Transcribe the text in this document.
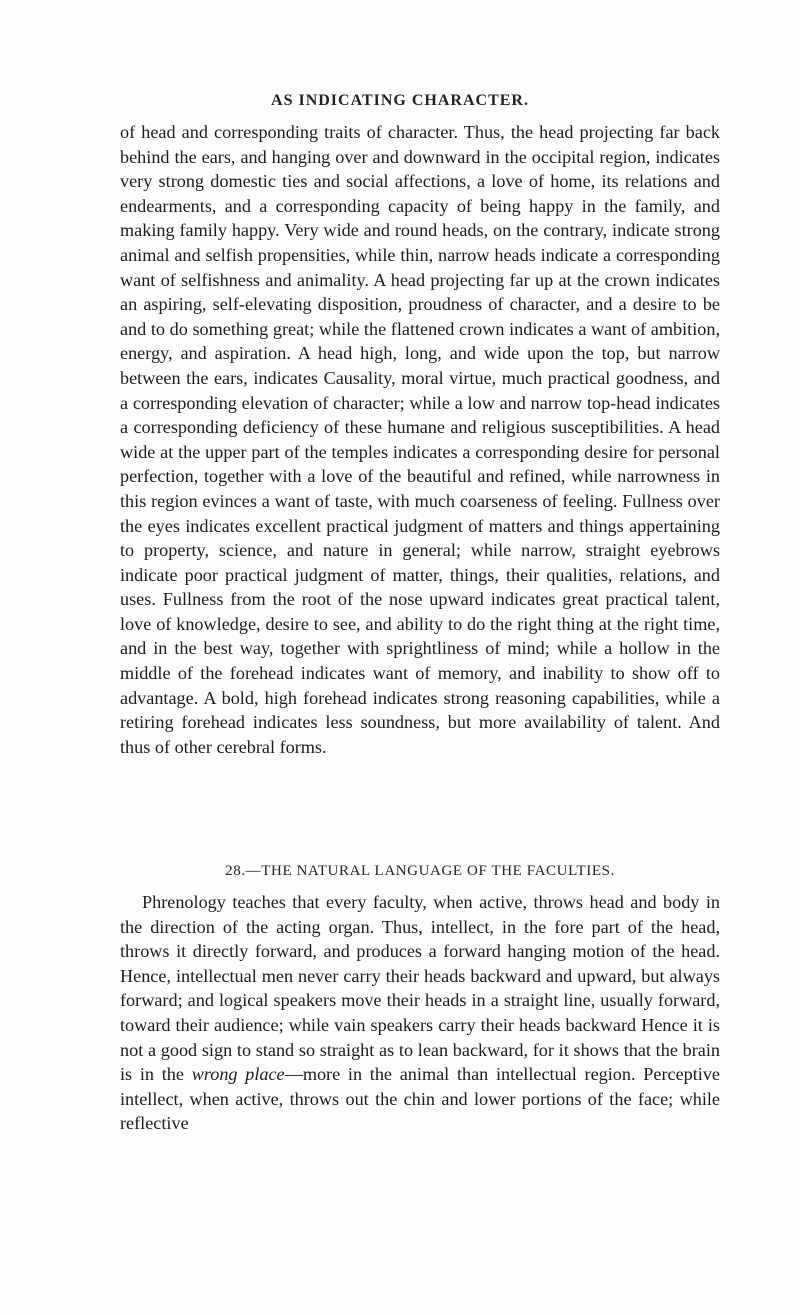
AS INDICATING CHARACTER.

of head and corresponding traits of character. Thus, the head projecting far back behind the ears, and hanging over and downward in the occipital region, indicates very strong domestic ties and social affections, a love of home, its relations and endearments, and a corresponding capacity of being happy in the family, and making family happy. Very wide and round heads, on the contrary, indicate strong animal and selfish propensities, while thin, narrow heads indicate a corresponding want of selfishness and animality. A head projecting far up at the crown indicates an aspiring, self-elevating disposition, proudness of character, and a desire to be and to do something great; while the flattened crown indicates a want of ambition, energy, and aspiration. A head high, long, and wide upon the top, but narrow between the ears, indicates Causality, moral virtue, much practical goodness, and a corresponding elevation of character; while a low and narrow top-head indicates a corresponding deficiency of these humane and religious susceptibilities. A head wide at the upper part of the temples indicates a corresponding desire for personal perfection, together with a love of the beautiful and refined, while narrowness in this region evinces a want of taste, with much coarseness of feeling. Fullness over the eyes indicates excellent practical judgment of matters and things appertaining to property, science, and nature in general; while narrow, straight eyebrows indicate poor practical judgment of matter, things, their qualities, relations, and uses. Fullness from the root of the nose upward indicates great practical talent, love of knowledge, desire to see, and ability to do the right thing at the right time, and in the best way, together with sprightliness of mind; while a hollow in the middle of the forehead indicates want of memory, and inability to show off to advantage. A bold, high forehead indicates strong reasoning capabilities, while a retiring forehead indicates less soundness, but more availability of talent. And thus of other cerebral forms.

28.—THE NATURAL LANGUAGE OF THE FACULTIES.

Phrenology teaches that every faculty, when active, throws head and body in the direction of the acting organ. Thus, intellect, in the fore part of the head, throws it directly forward, and produces a forward hanging motion of the head. Hence, intellectual men never carry their heads backward and upward, but always forward; and logical speakers move their heads in a straight line, usually forward, toward their audience; while vain speakers carry their heads backward Hence it is not a good sign to stand so straight as to lean backward, for it shows that the brain is in the wrong place—more in the animal than intellectual region. Perceptive intellect, when active, throws out the chin and lower portions of the face; while reflective
